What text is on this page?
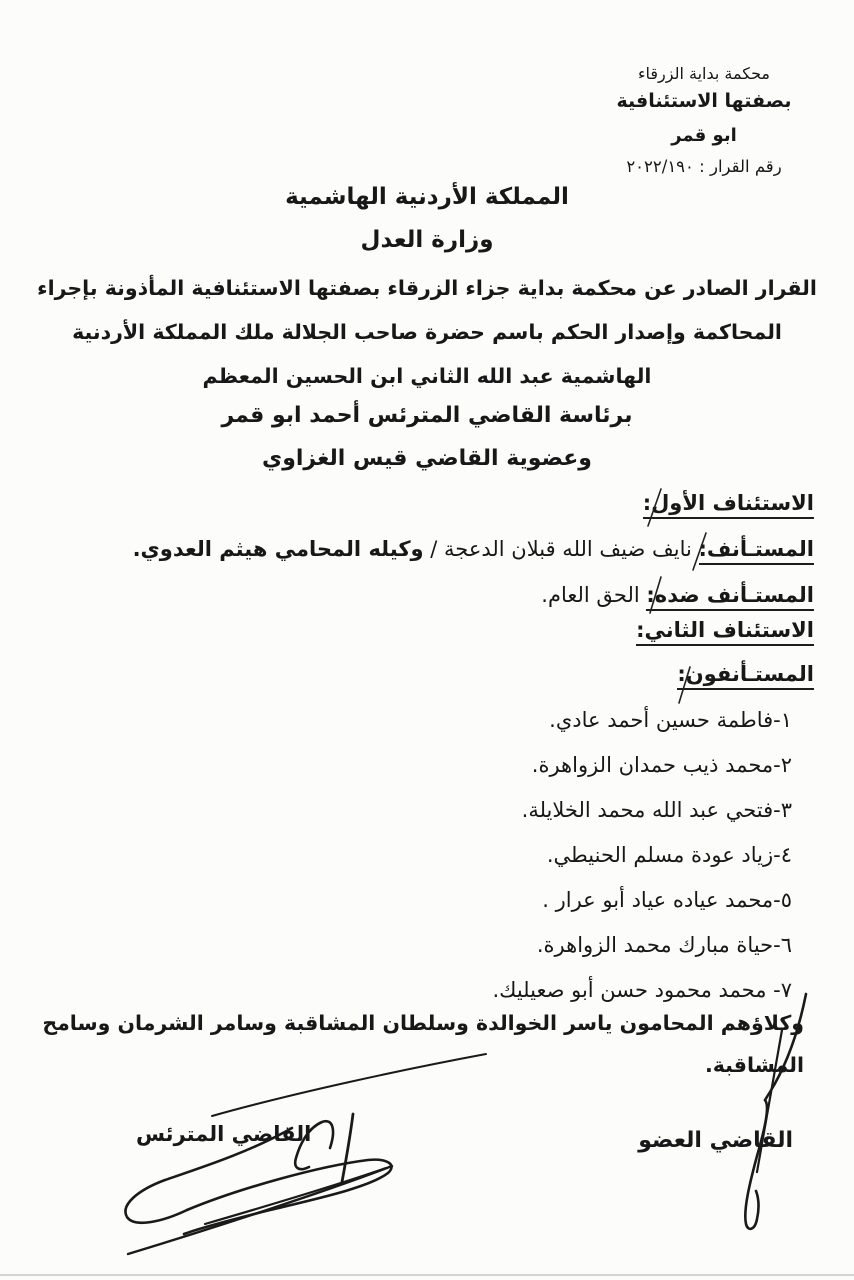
محكمة بداية الزرقاء
بصفتها الاستئنافية
ابو قمر
رقم القرار : ٢٠٢٢/١٩٠
المملكة الأردنية الهاشمية
وزارة العدل
القرار الصادر عن محكمة بداية جزاء الزرقاء بصفتها الاستئنافية المأذونة بإجراء
المحاكمة وإصدار الحكم باسم حضرة صاحب الجلالة ملك المملكة الأردنية
الهاشمية عبد الله الثاني ابن الحسين المعظم
برئاسة القاضي المترئس أحمد ابو قمر
وعضوية القاضي قيس الغزاوي
الاستئناف الأول:
المستـأنف: نايف ضيف الله قبلان الدعجة / وكيله المحامي هيثم العدوي.
المستـأنف ضده: الحق العام.
الاستئناف الثاني:
المستـأنفون:
١-فاطمة حسين أحمد عادي.
٢-محمد ذيب حمدان الزواهرة.
٣-فتحي عبد الله محمد الخلايلة.
٤-زياد عودة مسلم الحنيطي.
٥-محمد عياده عياد أبو عرار .
٦-حياة مبارك محمد الزواهرة.
٧- محمد محمود حسن أبو صعيليك.
وكلاؤهم المحامون ياسر الخوالدة وسلطان المشاقبة وسامر الشرمان وسامح
المشاقبة.
القاضي العضو
القاضي المترئس
